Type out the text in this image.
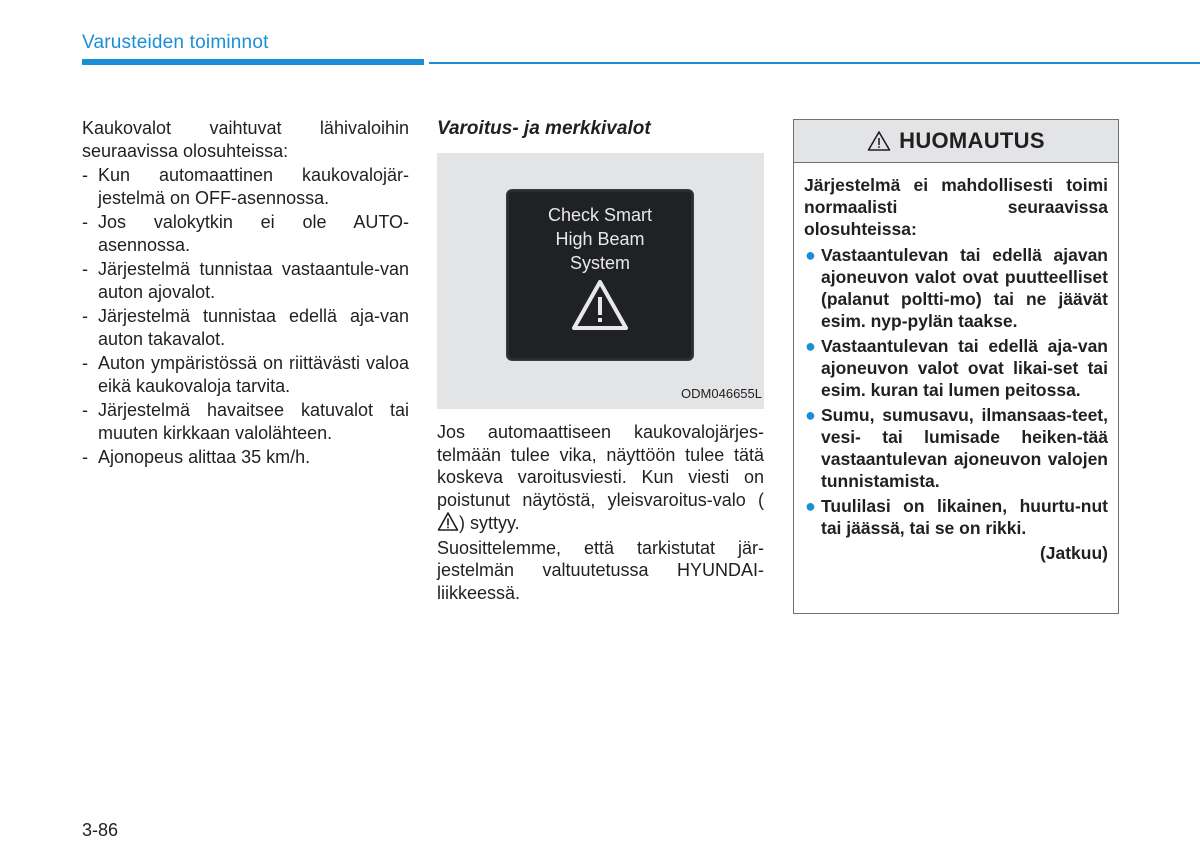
Varusteiden toiminnot

Kaukovalot vaihtuvat lähivaloihin seuraavissa olosuhteissa:

- Kun automaattinen kaukovalojär-jestelmä on OFF-asennossa.
- Jos valokytkin ei ole AUTO-asennossa.
- Järjestelmä tunnistaa vastaantule-van auton ajovalot.
- Järjestelmä tunnistaa edellä aja-van auton takavalot.
- Auton ympäristössä on riittävästi valoa eikä kaukovaloja tarvita.
- Järjestelmä havaitsee katuvalot tai muuten kirkkaan valolähteen.
- Ajonopeus alittaa 35 km/h.
Varoitus- ja merkkivalot
Check Smart
High Beam
System
ODM046655L

Jos automaattiseen kaukovalojärjes-telmään tulee vika, näyttöön tulee tätä koskeva varoitusviesti. Kun viesti on poistunut näytöstä, yleisvaroitus-valo () syttyy.

Suosittelemme, että tarkistutat jär-jestelmän valtuutetussa HYUNDAI-liikkeessä.

HUOMAUTUS

Järjestelmä ei mahdollisesti toimi normaalisti seuraavissa olosuhteissa:

● Vastaantulevan tai edellä ajavan ajoneuvon valot ovat puutteelliset (palanut poltti-mo) tai ne jäävät esim. nyp-pylän taakse.
● Vastaantulevan tai edellä aja-van ajoneuvon valot ovat likai-set tai esim. kuran tai lumen peitossa.
● Sumu, sumusavu, ilmansaas-teet, vesi- tai lumisade heiken-tää vastaantulevan ajoneuvon valojen tunnistamista.
● Tuulilasi on likainen, huurtu-nut tai jäässä, tai se on rikki.
(Jatkuu)
3-86
